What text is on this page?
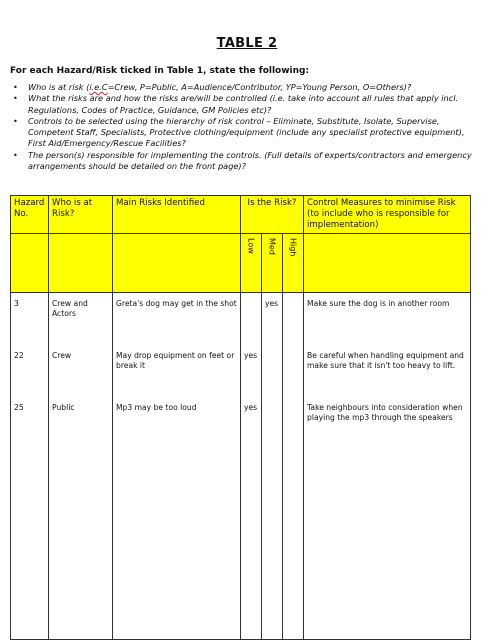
TABLE 2
For each Hazard/Risk ticked in Table 1, state the following:
• Who is at risk (i.e.C=Crew, P=Public, A=Audience/Contributor, YP=Young Person, O=Others)?
• What the risks are and how the risks are/will be controlled (i.e. take into account all rules that apply incl. Regulations, Codes of Practice, Guidance, GM Policies etc)?
• Controls to be selected using the hierarchy of risk control – Eliminate, Substitute, Isolate, Supervise, Competent Staff, Specialists, Protective clothing/equipment (include any specialist protective equipment), First Aid/Emergency/Rescue Facilities?
• The person(s) responsible for implementing the controls. (Full details of experts/contractors and emergency arrangements should be detailed on the front page)?
Hazard No.	Who is at Risk?	Main Risks Identified	Is the Risk?			Control Measures to minimise Risk (to include who is responsible for implementation)

			Low	Med	High	

3	Crew and Actors	Greta's dog may get in the shot		yes		Make sure the dog is in another room
22	Crew	May drop equipment on feet or break it	yes			Be careful when handling equipment and make sure that it isn't too heavy to lift.
25	Public	Mp3 may be too loud	yes			Take neighbours into consideration when playing the mp3 through the speakers
